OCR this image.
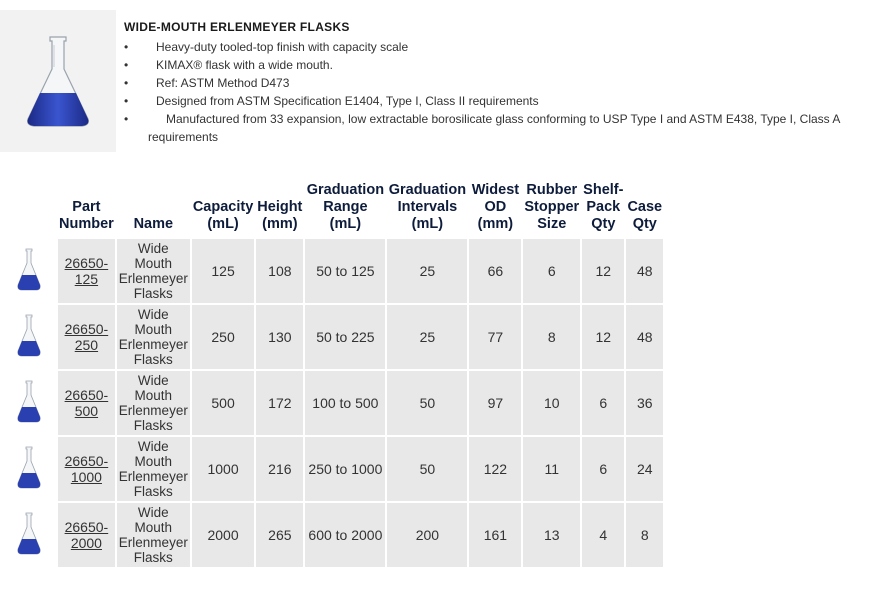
WIDE-MOUTH ERLENMEYER FLASKS
• Heavy-duty tooled-top finish with capacity scale
• KIMAX® flask with a wide mouth.
• Ref: ASTM Method D473
• Designed from ASTM Specification E1404, Type I, Class II requirements
• Manufactured from 33 expansion, low extractable borosilicate glass conforming to USP Type I and ASTM E438, Type I, Class A
requirements
	Part
Number	Name	Capacity
(mL)	Height
(mm)	Graduation
Range
(mL)	Graduation
Intervals
(mL)	Widest
OD
(mm)	Rubber
Stopper
Size	Shelf-
Pack
Qty	Case
Qty
	26650-
125	Wide
Mouth
Erlenmeyer
Flasks	125	108	50 to 125	25	66	6	12	48
	26650-
250	Wide
Mouth
Erlenmeyer
Flasks	250	130	50 to 225	25	77	8	12	48
	26650-
500	Wide
Mouth
Erlenmeyer
Flasks	500	172	100 to 500	50	97	10	6	36
	26650-
1000	Wide
Mouth
Erlenmeyer
Flasks	1000	216	250 to 1000	50	122	11	6	24
	26650-
2000	Wide
Mouth
Erlenmeyer
Flasks	2000	265	600 to 2000	200	161	13	4	8
